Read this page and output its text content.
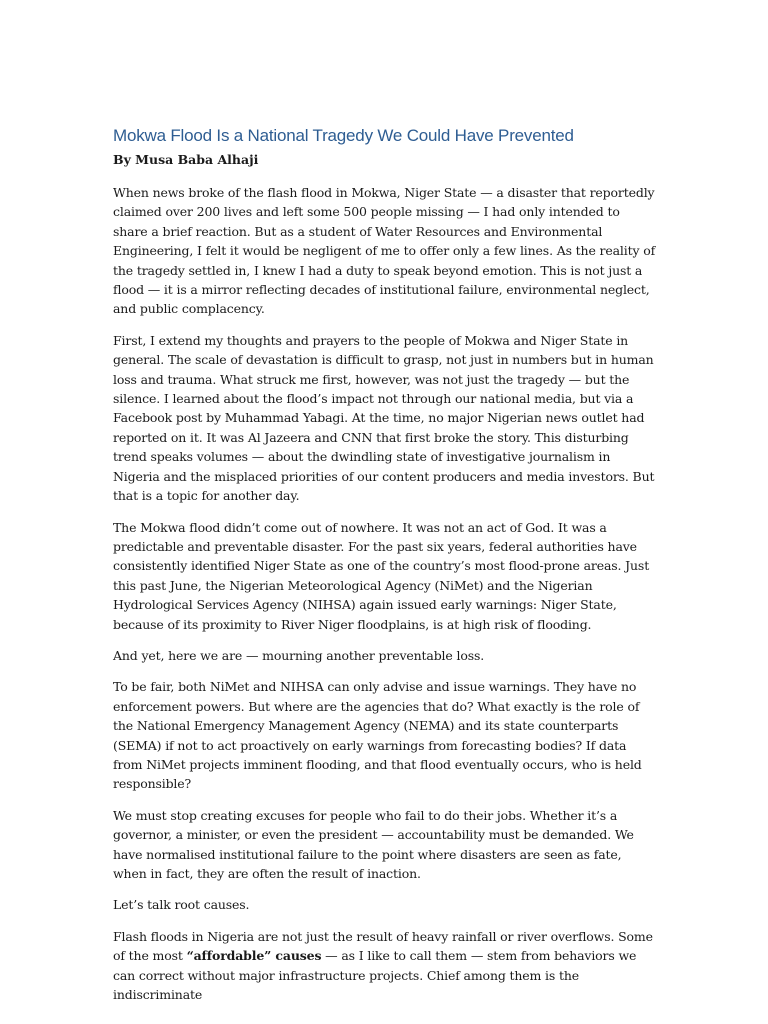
Mokwa Flood Is a National Tragedy We Could Have Prevented
By Musa Baba Alhaji

When news broke of the flash flood in Mokwa, Niger State — a disaster that reportedly claimed over 200 lives and left some 500 people missing — I had only intended to share a brief reaction. But as a student of Water Resources and Environmental Engineering, I felt it would be negligent of me to offer only a few lines. As the reality of the tragedy settled in, I knew I had a duty to speak beyond emotion. This is not just a flood — it is a mirror reflecting decades of institutional failure, environmental neglect, and public complacency.

First, I extend my thoughts and prayers to the people of Mokwa and Niger State in general. The scale of devastation is difficult to grasp, not just in numbers but in human loss and trauma. What struck me first, however, was not just the tragedy — but the silence. I learned about the flood’s impact not through our national media, but via a Facebook post by Muhammad Yabagi. At the time, no major Nigerian news outlet had reported on it. It was Al Jazeera and CNN that first broke the story. This disturbing trend speaks volumes — about the dwindling state of investigative journalism in Nigeria and the misplaced priorities of our content producers and media investors. But that is a topic for another day.

The Mokwa flood didn’t come out of nowhere. It was not an act of God. It was a predictable and preventable disaster. For the past six years, federal authorities have consistently identified Niger State as one of the country’s most flood-prone areas. Just this past June, the Nigerian Meteorological Agency (NiMet) and the Nigerian Hydrological Services Agency (NIHSA) again issued early warnings: Niger State, because of its proximity to River Niger floodplains, is at high risk of flooding.

And yet, here we are — mourning another preventable loss.

To be fair, both NiMet and NIHSA can only advise and issue warnings. They have no enforcement powers. But where are the agencies that do? What exactly is the role of the National Emergency Management Agency (NEMA) and its state counterparts (SEMA) if not to act proactively on early warnings from forecasting bodies? If data from NiMet projects imminent flooding, and that flood eventually occurs, who is held responsible?

We must stop creating excuses for people who fail to do their jobs. Whether it’s a governor, a minister, or even the president — accountability must be demanded. We have normalised institutional failure to the point where disasters are seen as fate, when in fact, they are often the result of inaction.

Let’s talk root causes.

Flash floods in Nigeria are not just the result of heavy rainfall or river overflows. Some of the most “affordable” causes — as I like to call them — stem from behaviors we can correct without major infrastructure projects. Chief among them is the indiscriminate
